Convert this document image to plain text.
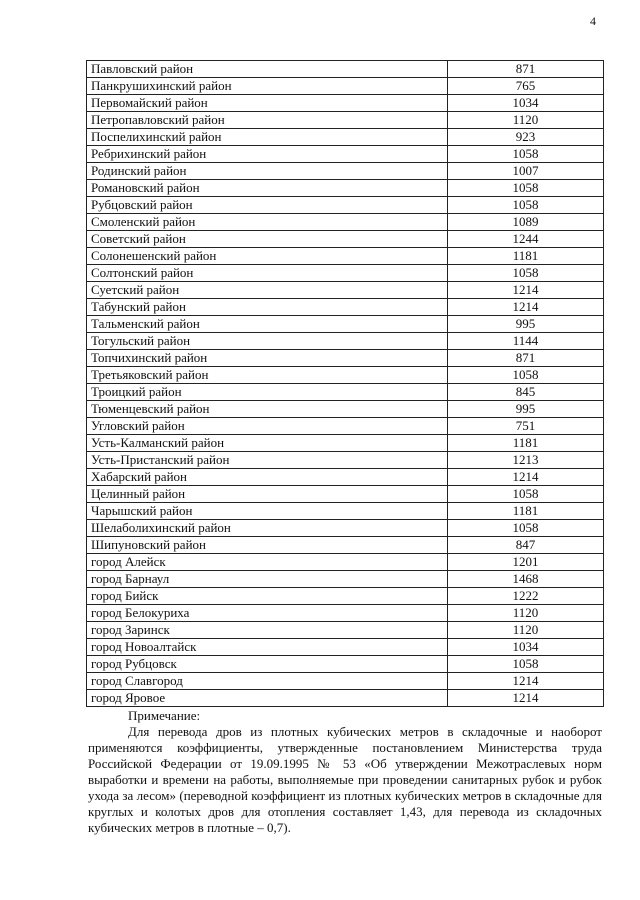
4
Павловский район	871
Панкрушихинский район	765
Первомайский район	1034
Петропавловский район	1120
Поспелихинский район	923
Ребрихинский район	1058
Родинский район	1007
Романовский район	1058
Рубцовский район	1058
Смоленский район	1089
Советский район	1244
Солонешенский район	1181
Солтонский район	1058
Суетский район	1214
Табунский район	1214
Тальменский район	995
Тогульский район	1144
Топчихинский район	871
Третьяковский район	1058
Троицкий район	845
Тюменцевский район	995
Угловский район	751
Усть-Калманский район	1181
Усть-Пристанский район	1213
Хабарский район	1214
Целинный район	1058
Чарышский район	1181
Шелаболихинский район	1058
Шипуновский район	847
город Алейск	1201
город Барнаул	1468
город Бийск	1222
город Белокуриха	1120
город Заринск	1120
город Новоалтайск	1034
город Рубцовск	1058
город Славгород	1214
город Яровое	1214
Примечание:
Для перевода дров из плотных кубических метров в складочные и наоборот применяются коэффициенты, утвержденные постановлением Министерства труда Российской Федерации от 19.09.1995 № 53 «Об утверждении Межотраслевых норм выработки и времени на работы, выполняемые при проведении санитарных рубок и рубок ухода за лесом» (переводной коэффициент из плотных кубических метров в складочные для круглых и колотых дров для отопления составляет 1,43, для перевода из складочных кубических метров в плотные – 0,7).
